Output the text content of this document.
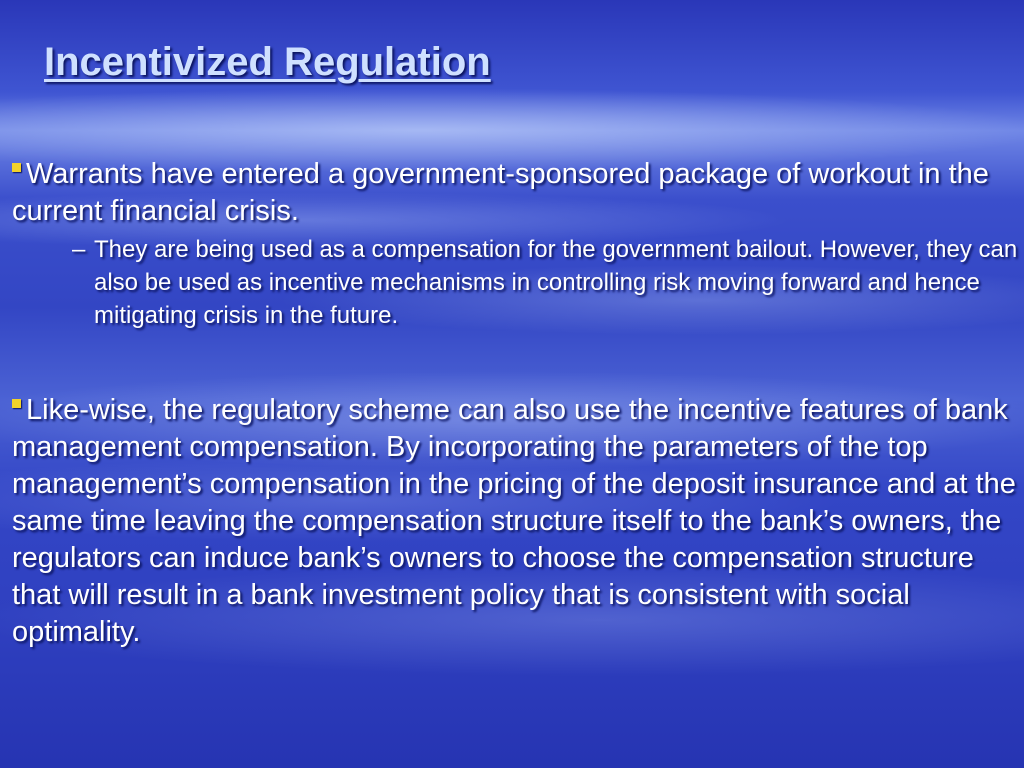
Incentivized Regulation

Warrants have entered a government-sponsored package of workout in the current financial crisis.

– They are being used as a compensation for the government bailout. However, they can also be used as incentive mechanisms in controlling risk moving forward and hence mitigating crisis in the future.

Like-wise, the regulatory scheme can also use the incentive features of bank management compensation. By incorporating the parameters of the top management’s compensation in the pricing of the deposit insurance and at the same time leaving the compensation structure itself to the bank’s owners, the regulators can induce bank’s owners to choose the compensation structure that will result in a bank investment policy that is consistent with social optimality.
